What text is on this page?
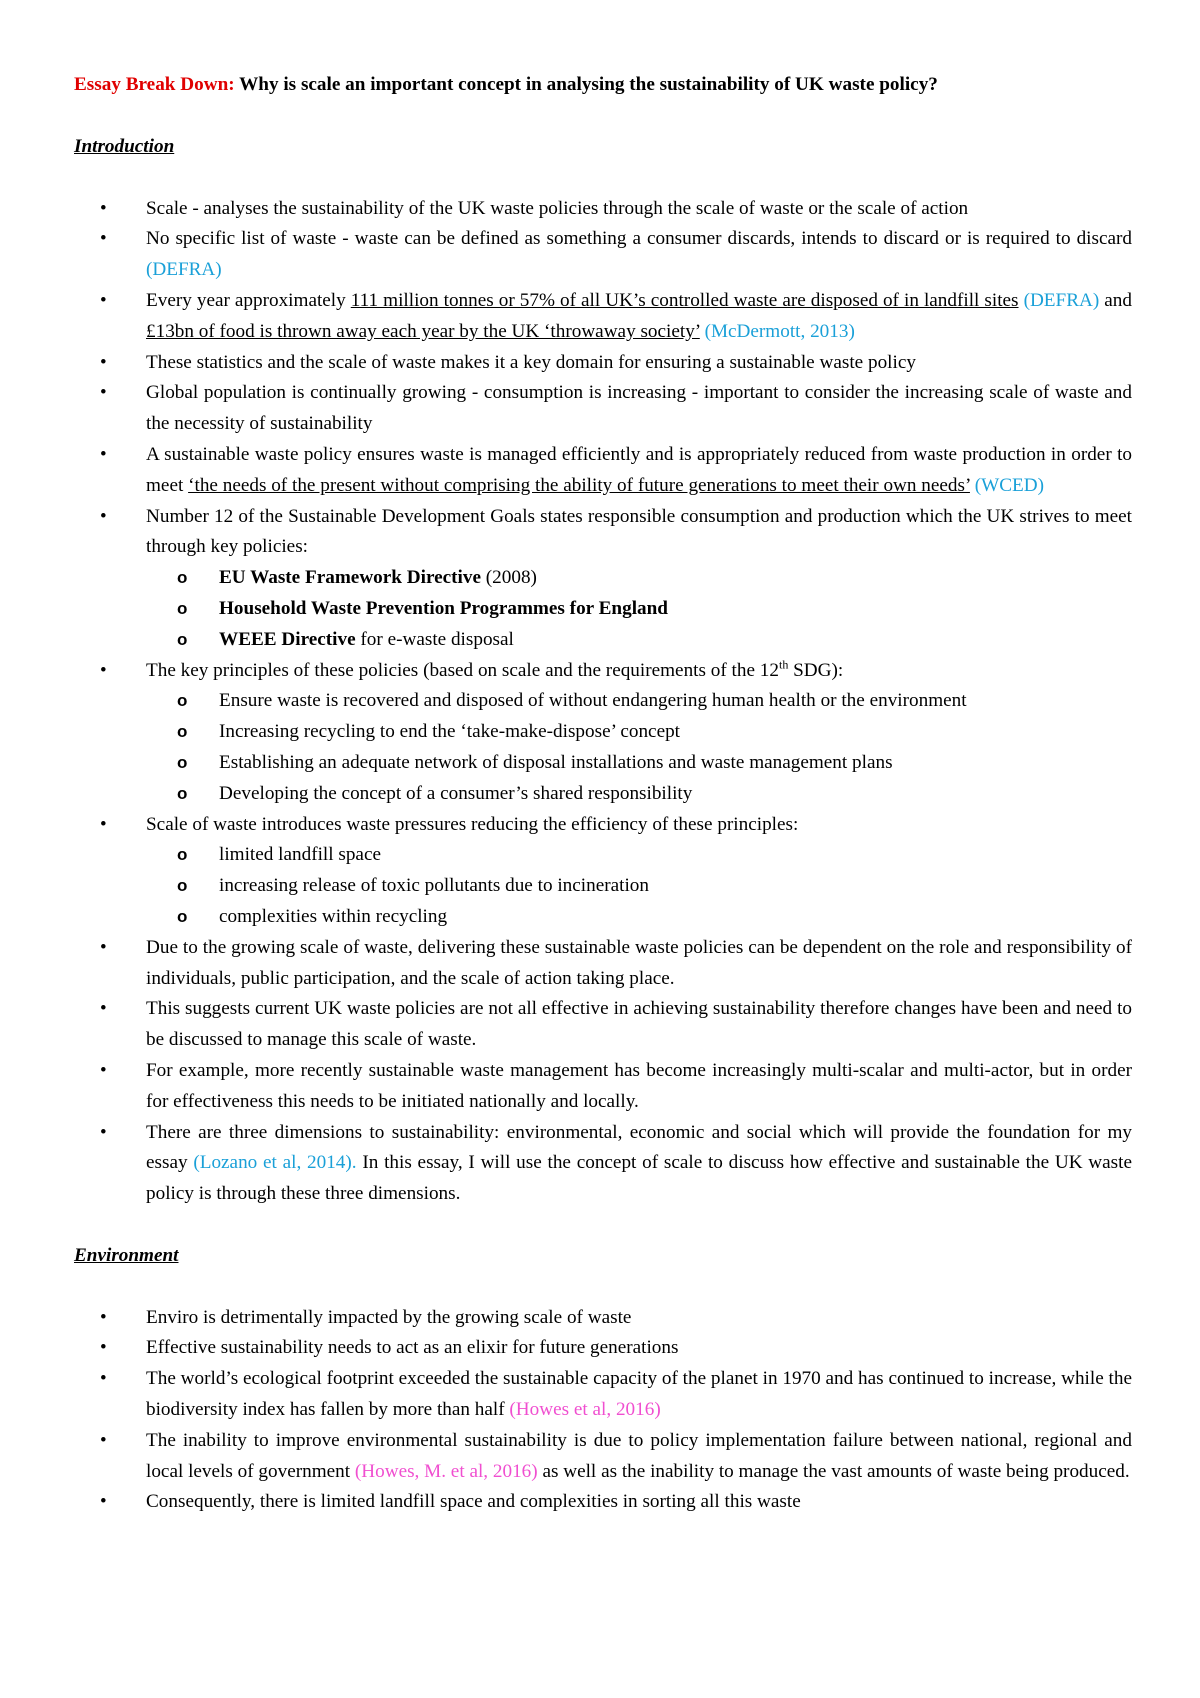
Essay Break Down: Why is scale an important concept in analysing the sustainability of UK waste policy?

Introduction

• Scale - analyses the sustainability of the UK waste policies through the scale of waste or the scale of action
• No specific list of waste - waste can be defined as something a consumer discards, intends to discard or is required to discard (DEFRA)
• Every year approximately 111 million tonnes or 57% of all UK’s controlled waste are disposed of in landfill sites (DEFRA) and £13bn of food is thrown away each year by the UK ‘throwaway society’ (McDermott, 2013)
• These statistics and the scale of waste makes it a key domain for ensuring a sustainable waste policy
• Global population is continually growing - consumption is increasing - important to consider the increasing scale of waste and the necessity of sustainability
• A sustainable waste policy ensures waste is managed efficiently and is appropriately reduced from waste production in order to meet ‘the needs of the present without comprising the ability of future generations to meet their own needs’ (WCED)
• Number 12 of the Sustainable Development Goals states responsible consumption and production which the UK strives to meet through key policies:
o EU Waste Framework Directive (2008)
o Household Waste Prevention Programmes for England
o WEEE Directive for e-waste disposal
• The key principles of these policies (based on scale and the requirements of the 12th SDG):
o Ensure waste is recovered and disposed of without endangering human health or the environment
o Increasing recycling to end the ‘take-make-dispose’ concept
o Establishing an adequate network of disposal installations and waste management plans
o Developing the concept of a consumer’s shared responsibility
• Scale of waste introduces waste pressures reducing the efficiency of these principles:
o limited landfill space
o increasing release of toxic pollutants due to incineration
o complexities within recycling
• Due to the growing scale of waste, delivering these sustainable waste policies can be dependent on the role and responsibility of individuals, public participation, and the scale of action taking place.
• This suggests current UK waste policies are not all effective in achieving sustainability therefore changes have been and need to be discussed to manage this scale of waste.
• For example, more recently sustainable waste management has become increasingly multi-scalar and multi-actor, but in order for effectiveness this needs to be initiated nationally and locally.
• There are three dimensions to sustainability: environmental, economic and social which will provide the foundation for my essay (Lozano et al, 2014). In this essay, I will use the concept of scale to discuss how effective and sustainable the UK waste policy is through these three dimensions.

Environment

• Enviro is detrimentally impacted by the growing scale of waste
• Effective sustainability needs to act as an elixir for future generations
• The world’s ecological footprint exceeded the sustainable capacity of the planet in 1970 and has continued to increase, while the biodiversity index has fallen by more than half (Howes et al, 2016)
• The inability to improve environmental sustainability is due to policy implementation failure between national, regional and local levels of government (Howes, M. et al, 2016) as well as the inability to manage the vast amounts of waste being produced.
• Consequently, there is limited landfill space and complexities in sorting all this waste
